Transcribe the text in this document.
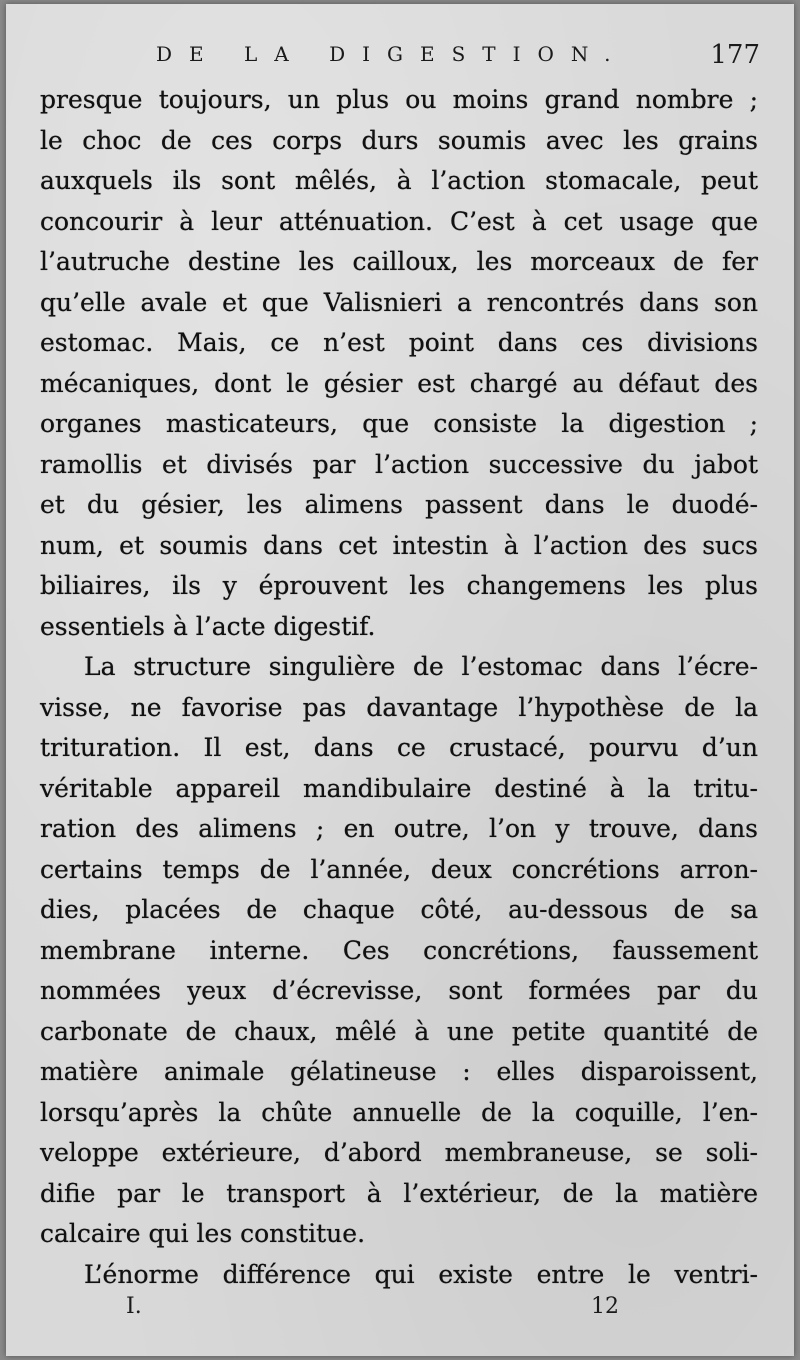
DE LA DIGESTION.	177
presque toujours, un plus ou moins grand nombre ;
le choc de ces corps durs soumis avec les grains
auxquels ils sont mêlés, à l’action stomacale, peut
concourir à leur atténuation. C’est à cet usage que
l’autruche destine les cailloux, les morceaux de fer
qu’elle avale et que Valisnieri a rencontrés dans son
estomac. Mais, ce n’est point dans ces divisions
mécaniques, dont le gésier est chargé au défaut des
organes masticateurs, que consiste la digestion ;
ramollis et divisés par l’action successive du jabot
et du gésier, les alimens passent dans le duodé-
num, et soumis dans cet intestin à l’action des sucs
biliaires, ils y éprouvent les changemens les plus
essentiels à l’acte digestif.
La structure singulière de l’estomac dans l’écre-
visse, ne favorise pas davantage l’hypothèse de la
trituration. Il est, dans ce crustacé, pourvu d’un
véritable appareil mandibulaire destiné à la tritu-
ration des alimens ; en outre, l’on y trouve, dans
certains temps de l’année, deux concrétions arron-
dies, placées de chaque côté, au-dessous de sa
membrane interne. Ces concrétions, faussement
nommées yeux d’écrevisse, sont formées par du
carbonate de chaux, mêlé à une petite quantité de
matière animale gélatineuse : elles disparoissent,
lorsqu’après la chûte annuelle de la coquille, l’en-
veloppe extérieure, d’abord membraneuse, se soli-
difie par le transport à l’extérieur, de la matière
calcaire qui les constitue.
L’énorme différence qui existe entre le ventri-
I.	12
